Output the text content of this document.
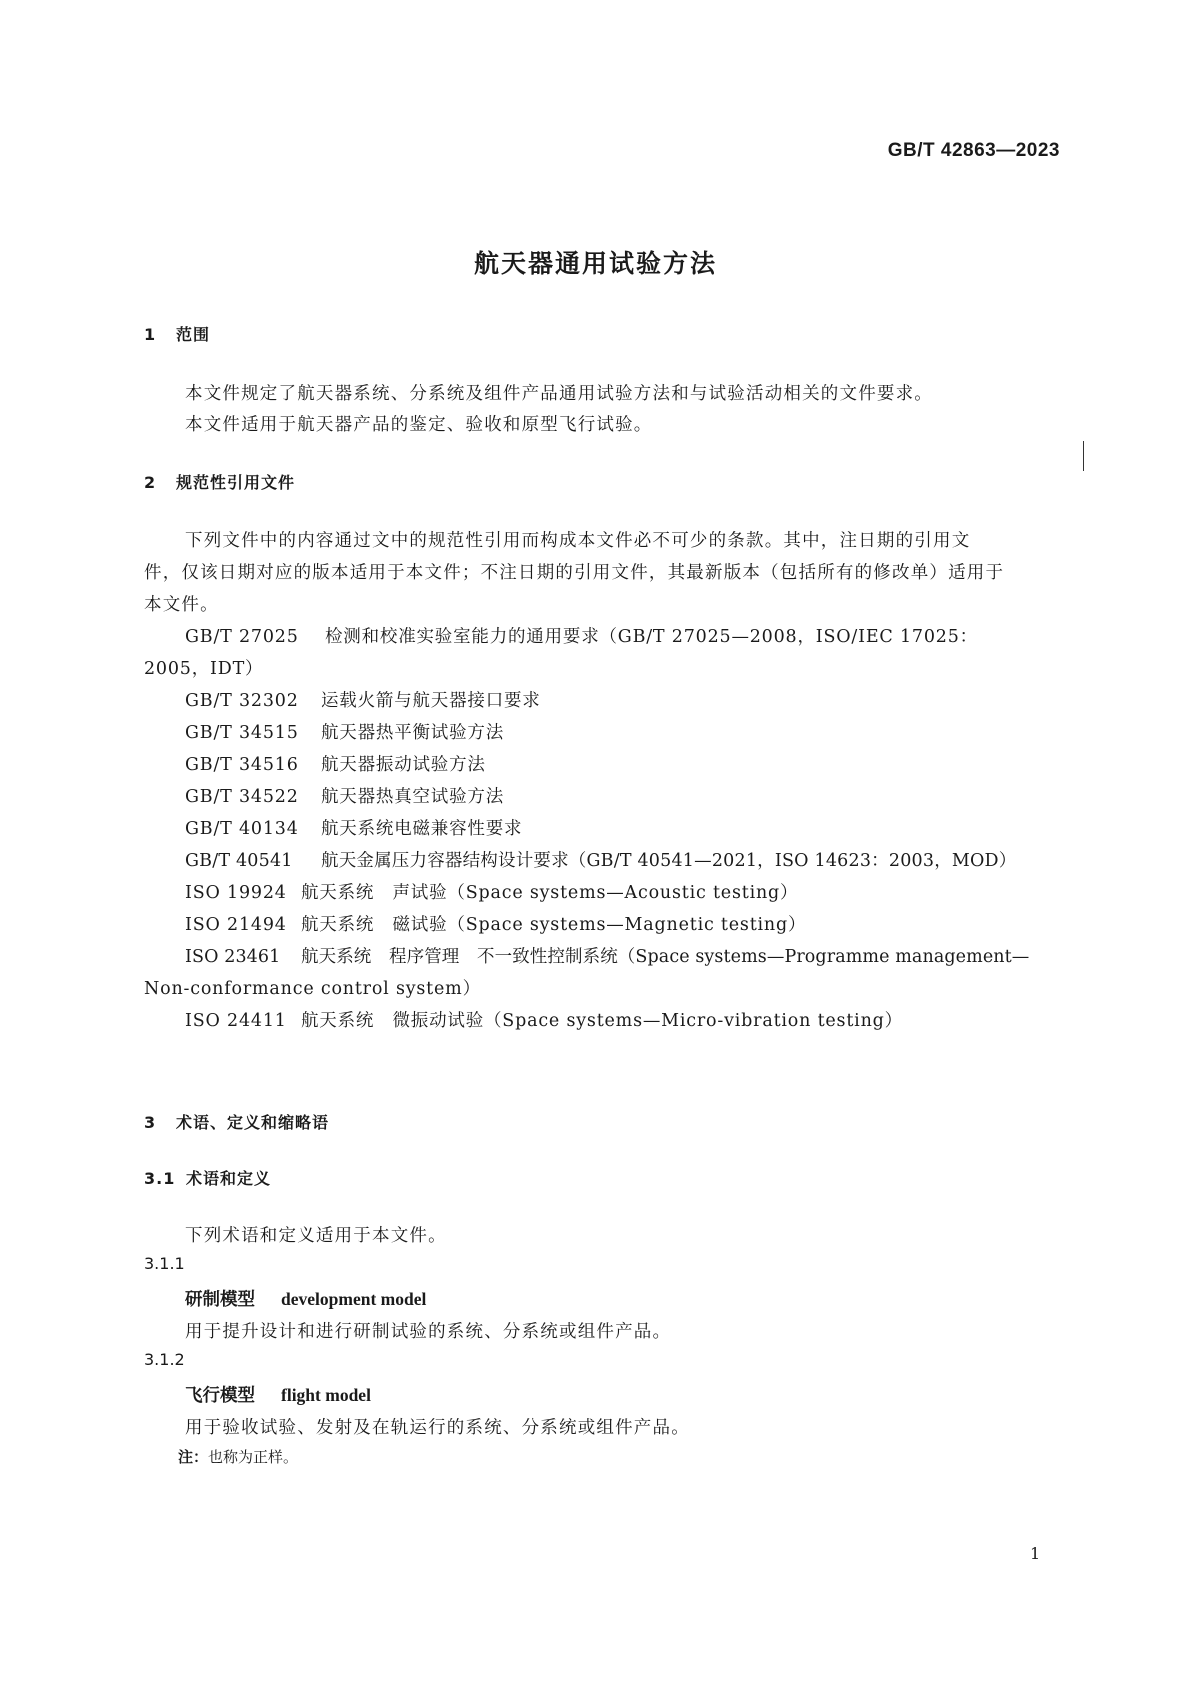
GB/T 42863—2023
航天器通用试验方法
1 范围
本文件规定了航天器系统、分系统及组件产品通用试验方法和与试验活动相关的文件要求。
本文件适用于航天器产品的鉴定、验收和原型飞行试验。
2 规范性引用文件
下列文件中的内容通过文中的规范性引用而构成本文件必不可少的条款。其中，注日期的引用文
件，仅该日期对应的版本适用于本文件；不注日期的引用文件，其最新版本（包括所有的修改单）适用于
本文件。
GB/T 27025 检测和校准实验室能力的通用要求（GB/T 27025—2008，ISO/IEC 17025：
2005，IDT）
GB/T 32302 运载火箭与航天器接口要求
GB/T 34515 航天器热平衡试验方法
GB/T 34516 航天器振动试验方法
GB/T 34522 航天器热真空试验方法
GB/T 40134 航天系统电磁兼容性要求
GB/T 40541 航天金属压力容器结构设计要求（GB/T 40541—2021，ISO 14623：2003，MOD）
ISO 19924 航天系统　声试验（Space systems—Acoustic testing）
ISO 21494 航天系统　磁试验（Space systems—Magnetic testing）
ISO 23461 航天系统　程序管理　不一致性控制系统（Space systems—Programme management—
Non-conformance control system）
ISO 24411 航天系统　微振动试验（Space systems—Micro-vibration testing）
3 术语、定义和缩略语
3.1 术语和定义
下列术语和定义适用于本文件。
3.1.1
研制模型 development model
用于提升设计和进行研制试验的系统、分系统或组件产品。
3.1.2
飞行模型 flight model
用于验收试验、发射及在轨运行的系统、分系统或组件产品。
注：也称为正样。
1
